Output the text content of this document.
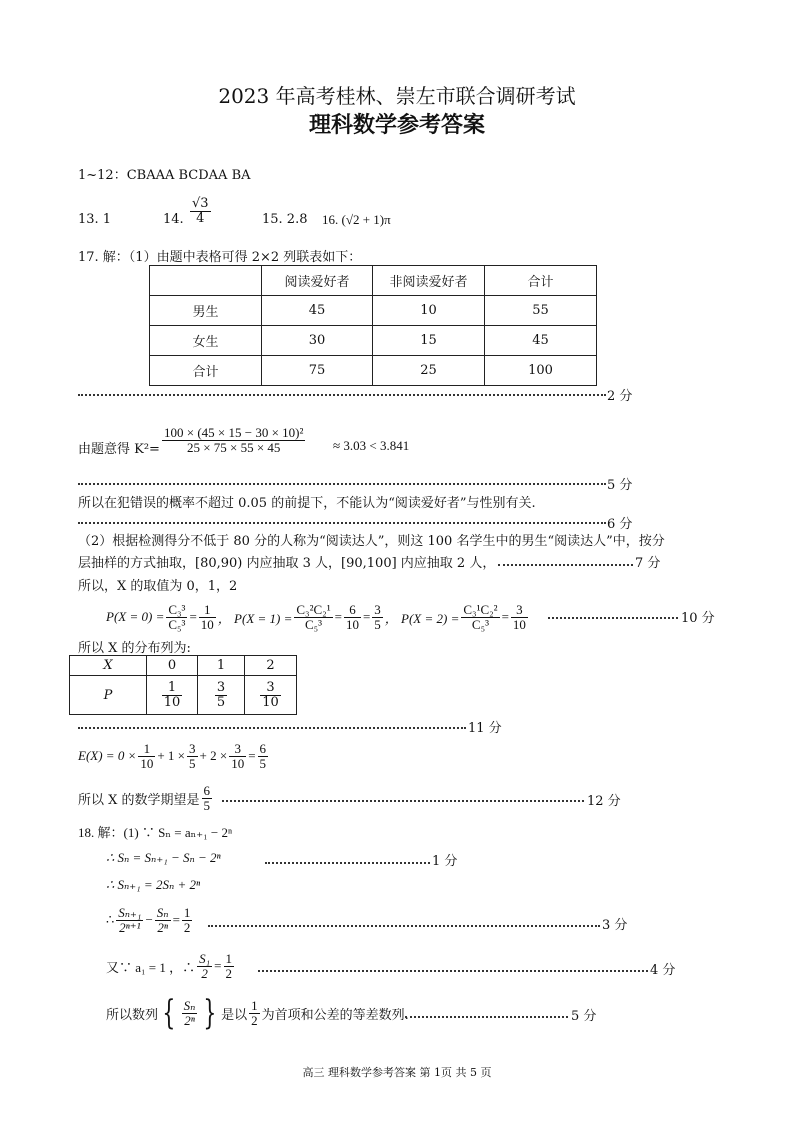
2023 年高考桂林、崇左市联合调研考试
理科数学参考答案
1~12：CBAAA BCDAA BA
13. 1	14. $\frac{√3}{4}$	15. 2.8 16. (√2 + 1)π
17. 解：（1）由题中表格可得 2×2 列联表如下：
	阅读爱好者	非阅读爱好者	合计
男生	45	10	55
女生	30	15	45
合计	75	25	100
2 分
由题意得 $K^2= \frac{\text{100 × (45 × 15 − 30 × 10)²}}{25 \times 75 \times 55 \times 45} \approx 3.03 < 3.841$
5 分
所以在犯错误的概率不超过 0.05 的前提下，不能认为“阅读爱好者”与性别有关.
6 分
（2）根据检测得分不低于 80 分的人称为“阅读达人”，则这 100 名学生中的男生“阅读达人”中，按分
层抽样的方式抽取，[80,90) 内应抽取 3 人，[90,100] 内应抽取 2 人，	7 分
所以，X 的取值为 0，1，2
$P(X = 0) = \frac{\text{C₃³}}{\text{C₅³}} = \frac{1}{10}$ ， $P(X = 1) = \frac{\text{C₃²C₂¹}}{\text{C₅³}} = \frac{6}{10} = \frac{3}{5}$ ， $P(X = 2) = \frac{\text{C₃¹C₂²}}{\text{C₅³}} = \frac{3}{10}$	10 分
所以 X 的分布列为:
X	0	1	2
P	$\frac{1}{10}$	$\frac{3}{5}$	$\frac{3}{10}$
11 分
$E(X) = 0 \times \frac{1}{10} + 1 \times \frac{3}{5} + 2 \times \frac{3}{10} = \frac{6}{5}$
所以 X 的数学期望是 $\frac{6}{5}$	12 分
18. 解：(1) ∵ Sₙ = aₙ₊₁ − 2ⁿ
∴ Sₙ = Sₙ₊₁ − Sₙ − 2ⁿ	1 分
∴ Sₙ₊₁ = 2Sₙ + 2ⁿ
∴ $\frac{\text{Sₙ₊₁}}{\text{2ⁿ⁺¹}} - \frac{\text{Sₙ}}{\text{2ⁿ}} = \frac{1}{2}$	3 分
又∵ a₁ = 1 ，∴ $\frac{\text{S₁}}{2} = \frac{1}{2}$	4 分
所以数列 { $\frac{\text{Sₙ}}{\text{2ⁿ}}$ } 是以 $\frac{1}{2}$ 为首项和公差的等差数列.	5 分
高三 理科数学参考答案 第 1页 共 5 页
